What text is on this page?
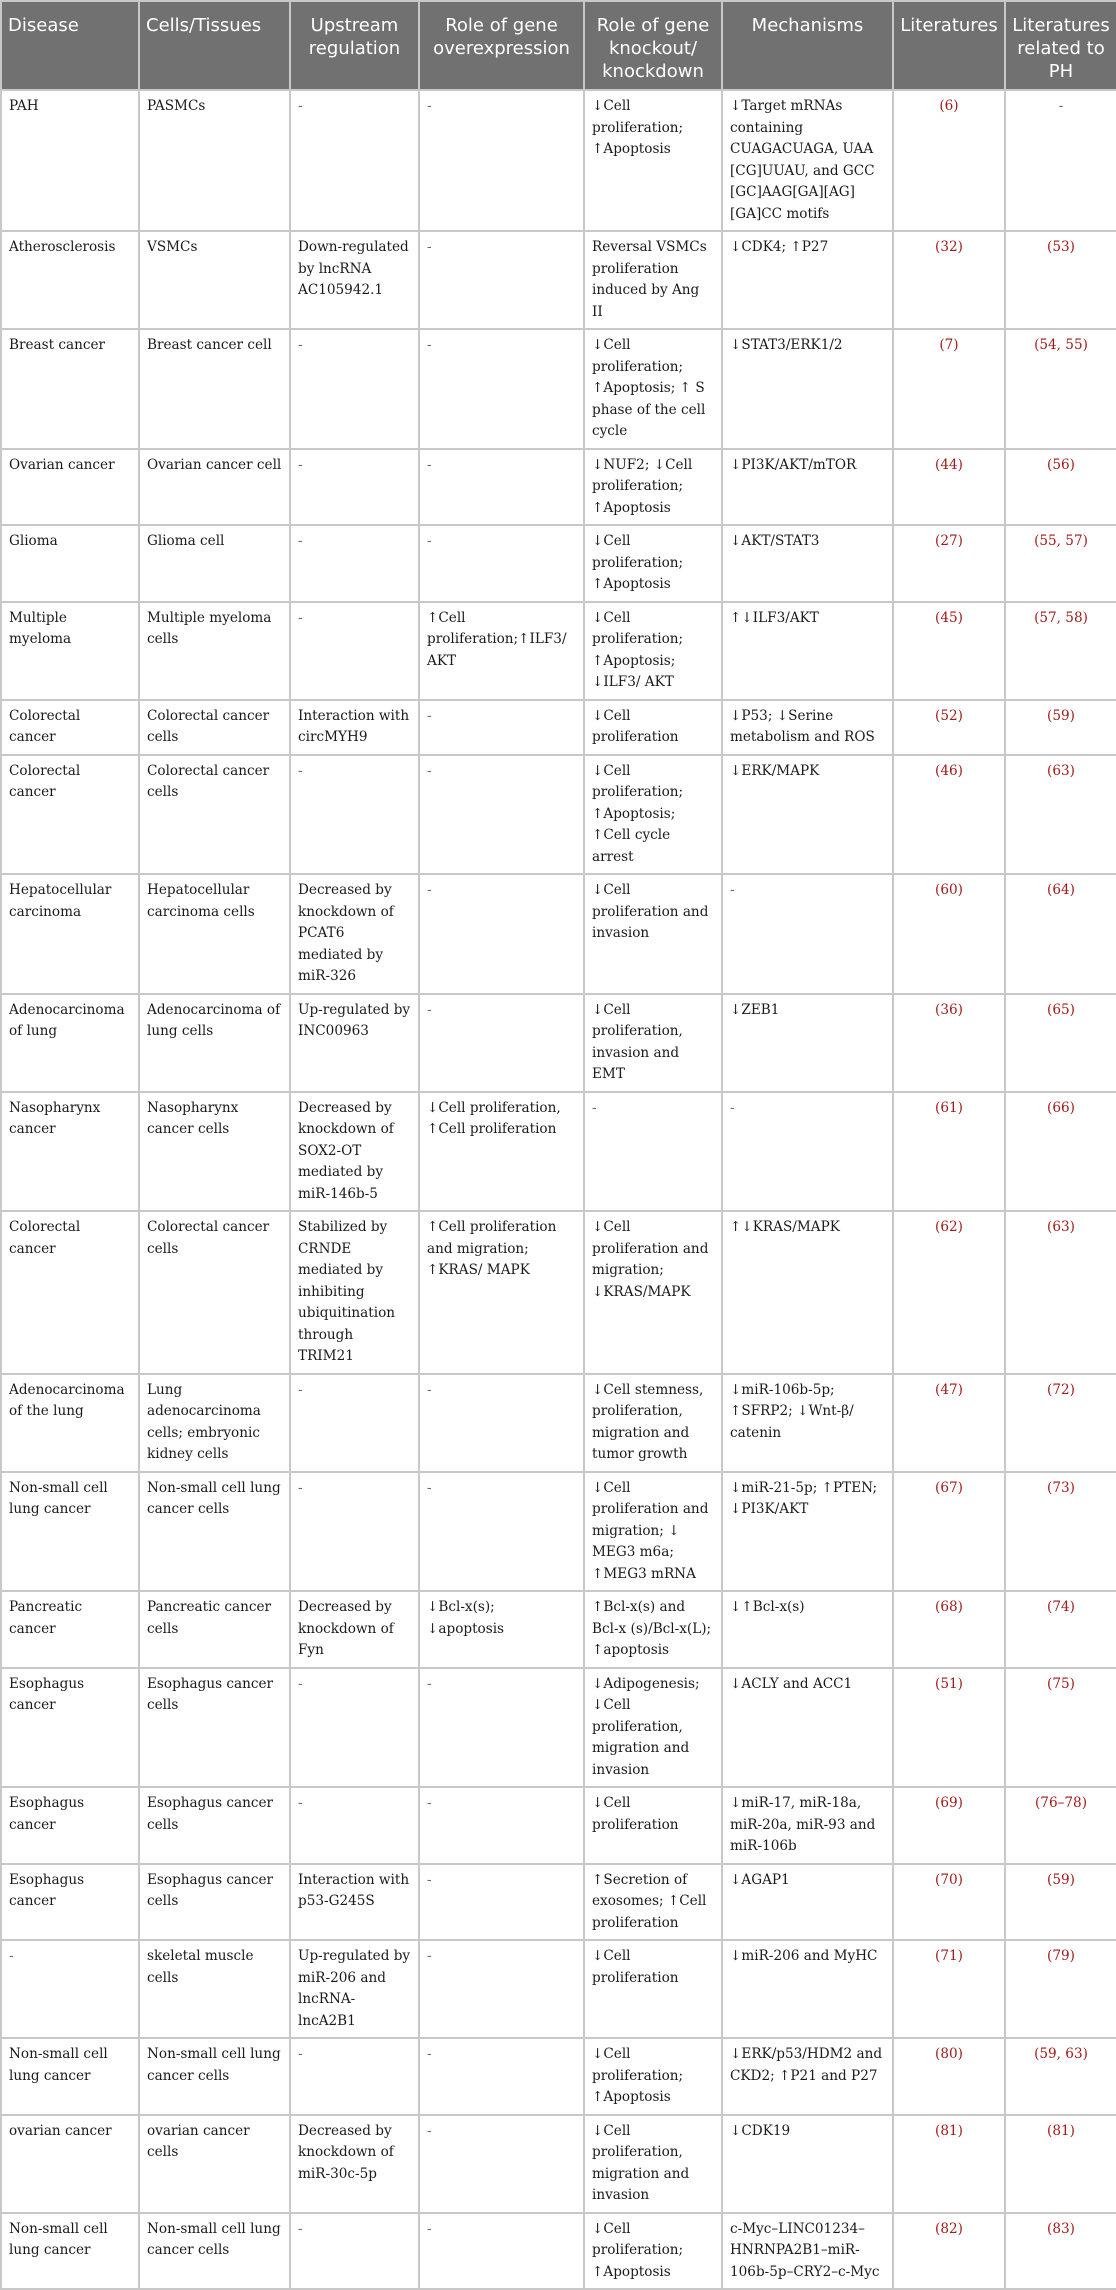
Disease	Cells/Tissues	Upstream regulation	Role of gene overexpression	Role of gene knockout/ knockdown	Mechanisms	Literatures	Literatures related to PH
PAH	PASMCs	-	-	↓Cell proliferation; ↑Apoptosis	↓Target mRNAs containing CUAGACUAGA, UAA [CG]UUAU, and GCC [GC]AAG[GA][AG] [GA]CC motifs	(6)	-
Atherosclerosis	VSMCs	Down-regulated by lncRNA AC105942.1	-	Reversal VSMCs proliferation induced by Ang II	↓CDK4; ↑P27	(32)	(53)
Breast cancer	Breast cancer cell	-	-	↓Cell proliferation; ↑Apoptosis; ↑ S phase of the cell cycle	↓STAT3/ERK1/2	(7)	(54, 55)
Ovarian cancer	Ovarian cancer cell	-	-	↓NUF2; ↓Cell proliferation; ↑Apoptosis	↓PI3K/AKT/mTOR	(44)	(56)
Glioma	Glioma cell	-	-	↓Cell proliferation; ↑Apoptosis	↓AKT/STAT3	(27)	(55, 57)
Multiple myeloma	Multiple myeloma cells	-	↑Cell proliferation;↑ILF3/ AKT	↓Cell proliferation; ↑Apoptosis; ↓ILF3/ AKT	↑↓ILF3/AKT	(45)	(57, 58)
Colorectal cancer	Colorectal cancer cells	Interaction with circMYH9	-	↓Cell proliferation	↓P53; ↓Serine metabolism and ROS	(52)	(59)
Colorectal cancer	Colorectal cancer cells	-	-	↓Cell proliferation; ↑Apoptosis; ↑Cell cycle arrest	↓ERK/MAPK	(46)	(63)
Hepatocellular carcinoma	Hepatocellular carcinoma cells	Decreased by knockdown of PCAT6 mediated by miR-326	-	↓Cell proliferation and invasion	-	(60)	(64)
Adenocarcinoma of lung	Adenocarcinoma of lung cells	Up-regulated by INC00963	-	↓Cell proliferation, invasion and EMT	↓ZEB1	(36)	(65)
Nasopharynx cancer	Nasopharynx cancer cells	Decreased by knockdown of SOX2-OT mediated by miR-146b-5	↓Cell proliferation, ↑Cell proliferation	-	-	(61)	(66)
Colorectal cancer	Colorectal cancer cells	Stabilized by CRNDE mediated by inhibiting ubiquitination through TRIM21	↑Cell proliferation and migration; ↑KRAS/ MAPK	↓Cell proliferation and migration; ↓KRAS/MAPK	↑↓KRAS/MAPK	(62)	(63)
Adenocarcinoma of the lung	Lung adenocarcinoma cells; embryonic kidney cells	-	-	↓Cell stemness, proliferation, migration and tumor growth	↓miR-106b-5p; ↑SFRP2; ↓Wnt-β/ catenin	(47)	(72)
Non-small cell lung cancer	Non-small cell lung cancer cells	-	-	↓Cell proliferation and migration; ↓ MEG3 m6a; ↑MEG3 mRNA	↓miR-21-5p; ↑PTEN; ↓PI3K/AKT	(67)	(73)
Pancreatic cancer	Pancreatic cancer cells	Decreased by knockdown of Fyn	↓Bcl-x(s); ↓apoptosis	↑Bcl-x(s) and Bcl-x (s)/Bcl-x(L); ↑apoptosis	↓↑Bcl-x(s)	(68)	(74)
Esophagus cancer	Esophagus cancer cells	-	-	↓Adipogenesis; ↓Cell proliferation, migration and invasion	↓ACLY and ACC1	(51)	(75)
Esophagus cancer	Esophagus cancer cells	-	-	↓Cell proliferation	↓miR-17, miR-18a, miR-20a, miR-93 and miR-106b	(69)	(76–78)
Esophagus cancer	Esophagus cancer cells	Interaction with p53-G245S	-	↑Secretion of exosomes; ↑Cell proliferation	↓AGAP1	(70)	(59)
-	skeletal muscle cells	Up-regulated by miR-206 and lncRNA-lncA2B1	-	↓Cell proliferation	↓miR-206 and MyHC	(71)	(79)
Non-small cell lung cancer	Non-small cell lung cancer cells	-	-	↓Cell proliferation; ↑Apoptosis	↓ERK/p53/HDM2 and CKD2; ↑P21 and P27	(80)	(59, 63)
ovarian cancer	ovarian cancer cells	Decreased by knockdown of miR-30c-5p	-	↓Cell proliferation, migration and invasion	↓CDK19	(81)	(81)
Non-small cell lung cancer	Non-small cell lung cancer cells	-	-	↓Cell proliferation; ↑Apoptosis	c-Myc–LINC01234–HNRNPA2B1–miR-106b-5p–CRY2–c-Myc	(82)	(83)
